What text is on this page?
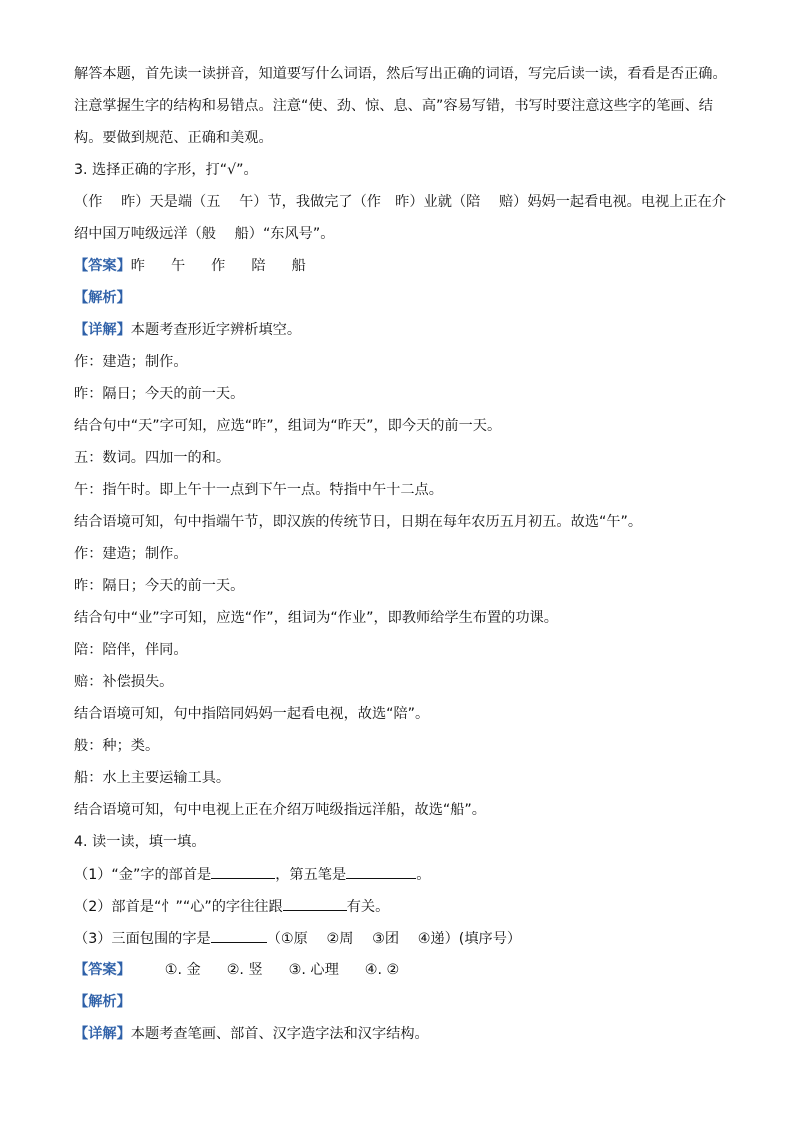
解答本题，首先读一读拼音，知道要写什么词语，然后写出正确的词语，写完后读一读，看看是否正确。
注意掌握生字的结构和易错点。注意“使、劲、惊、息、高”容易写错，书写时要注意这些字的笔画、结
构。要做到规范、正确和美观。
3. 选择正确的字形，打“√”。
（作　 昨）天是端（五　 午）节，我做完了（作　昨）业就（陪　 赔）妈妈一起看电视。电视上正在介
绍中国万吨级远洋（般　 船）“东风号”。
【答案】昨 午 作 陪 船
【解析】
【详解】本题考查形近字辨析填空。
作：建造；制作。
昨：隔日；今天的前一天。
结合句中“天”字可知，应选“昨”，组词为“昨天”，即今天的前一天。
五：数词。四加一的和。
午：指午时。即上午十一点到下午一点。特指中午十二点。
结合语境可知，句中指端午节，即汉族的传统节日，日期在每年农历五月初五。故选“午”。
作：建造；制作。
昨：隔日；今天的前一天。
结合句中“业”字可知，应选“作”，组词为“作业”，即教师给学生布置的功课。
陪：陪伴，伴同。
赔：补偿损失。
结合语境可知，句中指陪同妈妈一起看电视，故选“陪”。
般：种；类。
船：水上主要运输工具。
结合语境可知，句中电视上正在介绍万吨级指远洋船，故选“船”。
4. 读一读，填一填。
（1）“金”字的部首是	，第五笔是	。
（2）部首是“忄”“心”的字往往跟	有关。
（3）三面包围的字是	（①原　 ②周　 ③团　 ④递）(填序号）
【答案】 ①. 金 ②. 竖 ③. 心理 ④. ②
【解析】
【详解】本题考查笔画、部首、汉字造字法和汉字结构。
